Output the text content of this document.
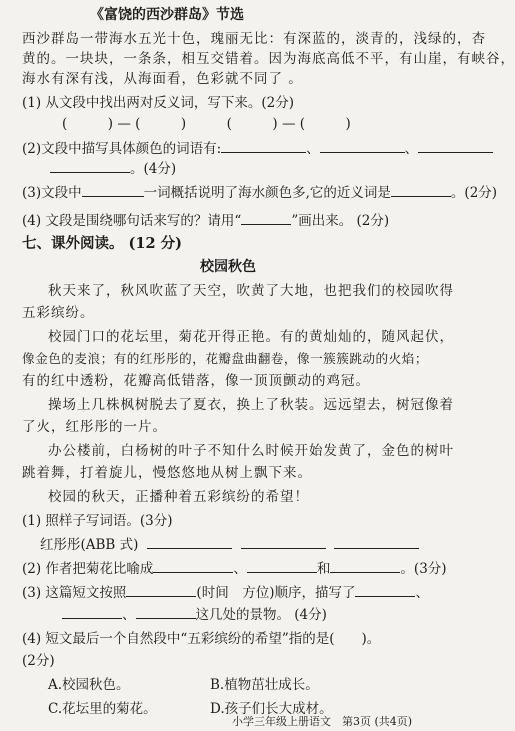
《富饶的西沙群岛》节选
西沙群岛一带海水五光十色，瑰丽无比：有深蓝的，淡青的，浅绿的，杏
黄的。一块块，一条条，相互交错着。因为海底高低不平，有山崖，有峡谷，
海水有深有浅，从海面看，色彩就不同了 。
(1) 从文段中找出两对反义词，写下来。(2分)
(　　　) — (　　　)　　　(　　　) — (　　　)
(2)文段中描写具体颜色的词语有:	、	、
。(4分)
(3)文段中	一词概括说明了海水颜色多,它的近义词是	。(2分)
(4) 文段是围绕哪句话来写的？请用“	”画出来。 (2分)
七、课外阅读。 (12 分)
校园秋色
秋天来了，秋风吹蓝了天空，吹黄了大地，也把我们的校园吹得
五彩缤纷。
校园门口的花坛里，菊花开得正艳。有的黄灿灿的，随风起伏，
像金色的麦浪；有的红彤彤的，花瓣盘曲翻卷，像一簇簇跳动的火焰；
有的红中透粉，花瓣高低错落，像一顶顶颤动的鸡冠。
操场上几株枫树脱去了夏衣，换上了秋装。远远望去，树冠像着
了火，红彤彤的一片。
办公楼前，白杨树的叶子不知什么时候开始发黄了，金色的树叶
跳着舞，打着旋儿，慢悠悠地从树上飘下来。
校园的秋天，正播种着五彩缤纷的希望！
(1) 照样子写词语。(3分)
红彤彤(ABB 式)
(2) 作者把菊花比喻成	、	和	。(3分)
(3) 这篇短文按照	(时间　方位)顺序，描写了	、
、	这几处的景物。 (4分)
(4) 短文最后一个自然段中“五彩缤纷的希望”指的是(　　)。
(2分)
A.校园秋色。	B.植物茁壮成长。
C.花坛里的菊花。	D.孩子们长大成材。
小学三年级上册语文　第3页 (共4页)
